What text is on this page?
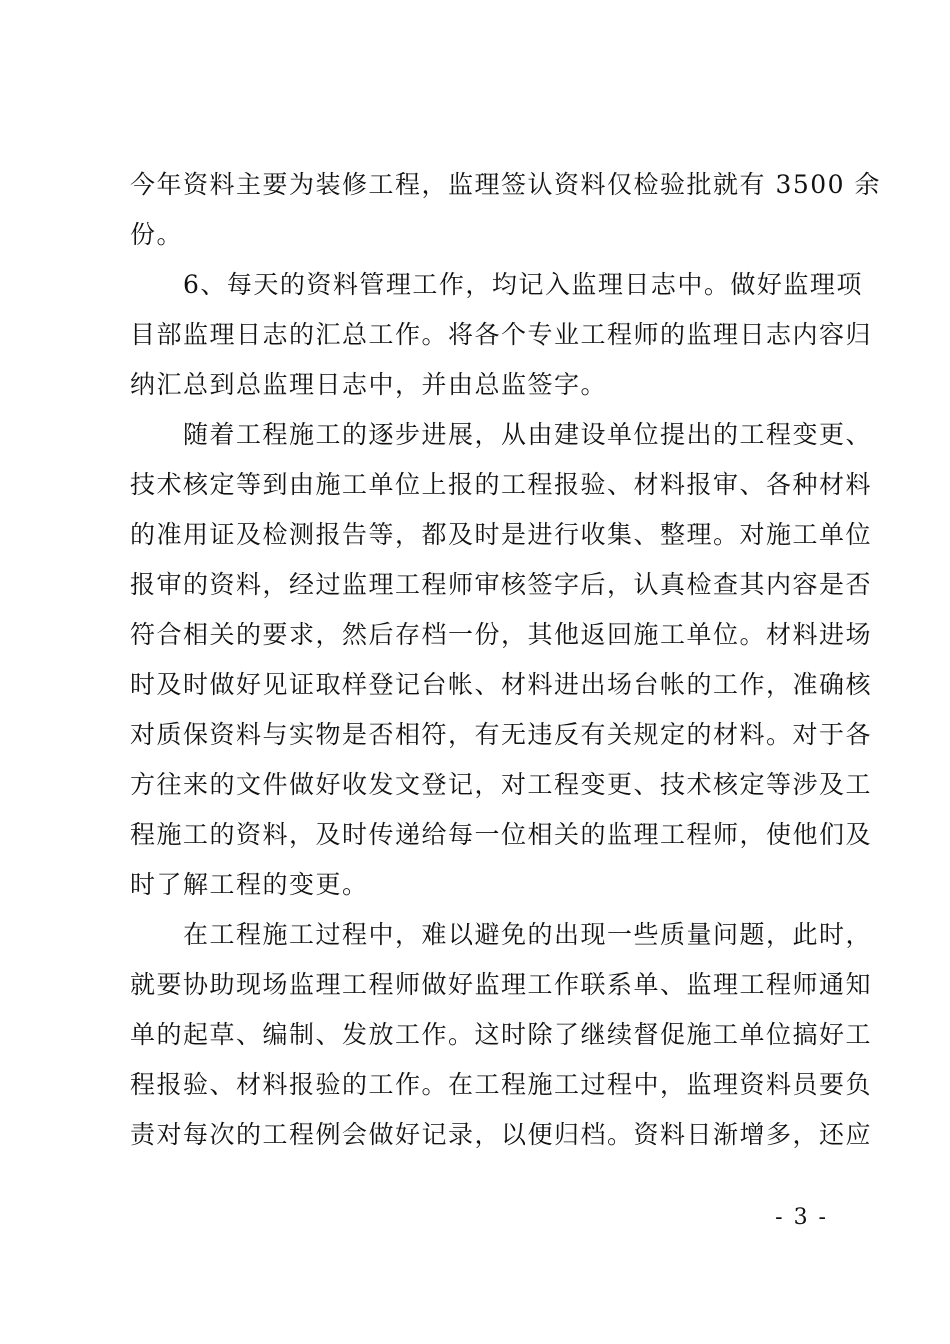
今年资料主要为装修工程，监理签认资料仅检验批就有 3500 余
份。
　　6、每天的资料管理工作，均记入监理日志中。做好监理项
目部监理日志的汇总工作。将各个专业工程师的监理日志内容归
纳汇总到总监理日志中，并由总监签字。
　　随着工程施工的逐步进展，从由建设单位提出的工程变更、
技术核定等到由施工单位上报的工程报验、材料报审、各种材料
的准用证及检测报告等，都及时是进行收集、整理。对施工单位
报审的资料，经过监理工程师审核签字后，认真检查其内容是否
符合相关的要求，然后存档一份，其他返回施工单位。材料进场
时及时做好见证取样登记台帐、材料进出场台帐的工作，准确核
对质保资料与实物是否相符，有无违反有关规定的材料。对于各
方往来的文件做好收发文登记，对工程变更、技术核定等涉及工
程施工的资料，及时传递给每一位相关的监理工程师，使他们及
时了解工程的变更。
　　在工程施工过程中，难以避免的出现一些质量问题，此时，
就要协助现场监理工程师做好监理工作联系单、监理工程师通知
单的起草、编制、发放工作。这时除了继续督促施工单位搞好工
程报验、材料报验的工作。在工程施工过程中，监理资料员要负
责对每次的工程例会做好记录，以便归档。资料日渐增多，还应
- 3 -
